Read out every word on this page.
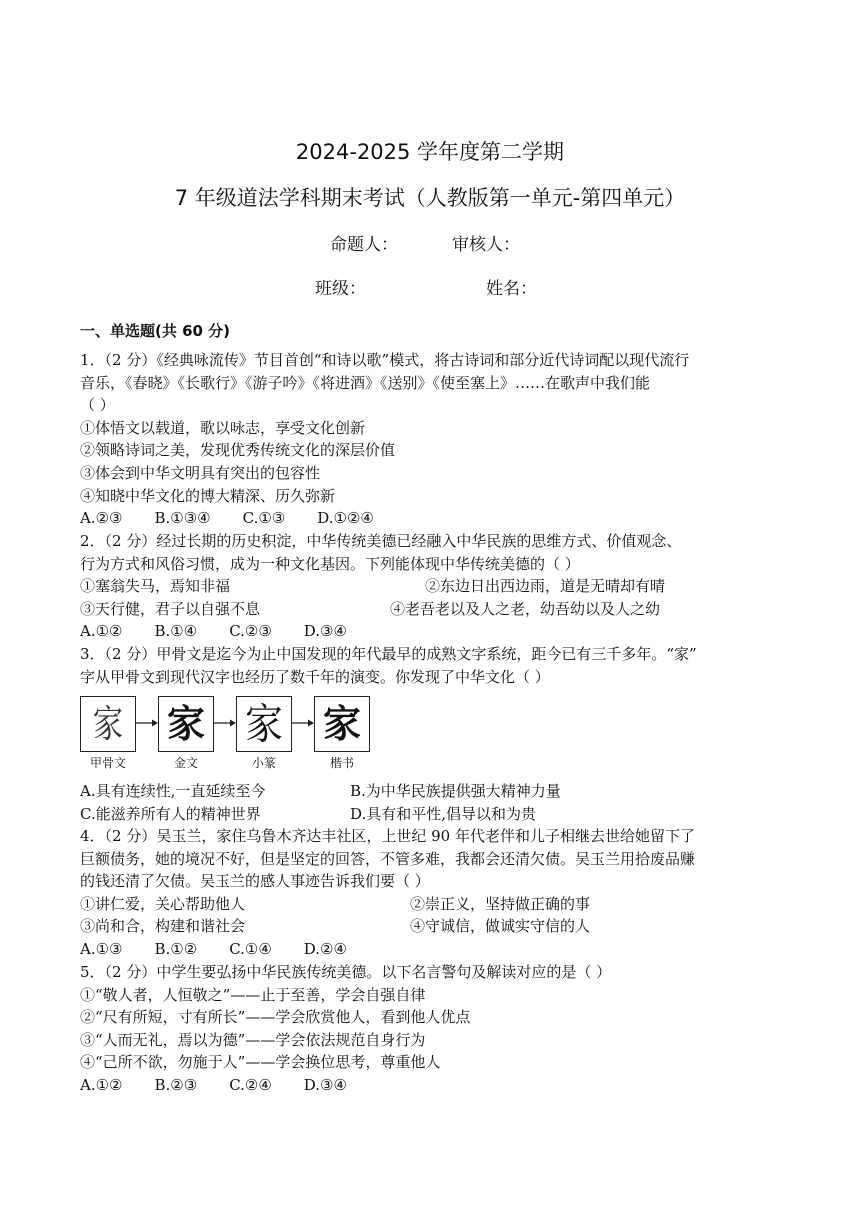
2024-2025 学年度第二学期
7 年级道法学科期末考试（人教版第一单元-第四单元）
命题人：	审核人：
班级：	姓名：
一、单选题(共 60 分)
1．（2 分）《经典咏流传》节目首创“和诗以歌”模式，将古诗词和部分近代诗词配以现代流行
音乐，《春晓》《长歌行》《游子吟》《将进酒》《送别》《使至塞上》……在歌声中我们能
（ ）
①体悟文以载道，歌以咏志，享受文化创新
②领略诗词之美，发现优秀传统文化的深层价值
③体会到中华文明具有突出的包容性
④知晓中华文化的博大精深、历久弥新
A.②③ B.①③④ C.①③ D.①②④
2．（2 分）经过长期的历史积淀，中华传统美德已经融入中华民族的思维方式、价值观念、
行为方式和风俗习惯，成为一种文化基因。下列能体现中华传统美德的（ ）
①塞翁失马，焉知非福	②东边日出西边雨，道是无晴却有晴
③天行健，君子以自强不息	④老吾老以及人之老，幼吾幼以及人之幼
A.①② B.①④ C.②③ D.③④
3．（2 分）甲骨文是迄今为止中国发现的年代最早的成熟文字系统，距今已有三千多年。“家”
字从甲骨文到现代汉字也经历了数千年的演变。你发现了中华文化（ ）
家 家 家 家
甲骨文	金文	小篆	楷书
A.具有连续性,一直延续至今	B.为中华民族提供强大精神力量
C.能滋养所有人的精神世界	D.具有和平性,倡导以和为贵
4．（2 分）吴玉兰，家住乌鲁木齐达丰社区，上世纪 90 年代老伴和儿子相继去世给她留下了
巨额债务，她的境况不好，但是坚定的回答，不管多难，我都会还清欠债。吴玉兰用拾废品赚
的钱还清了欠债。吴玉兰的感人事迹告诉我们要（ ）
①讲仁爱，关心帮助他人	②崇正义，坚持做正确的事
③尚和合，构建和谐社会	④守诚信，做诚实守信的人
A.①③ B.①② C.①④ D.②④
5．（2 分）中学生要弘扬中华民族传统美德。以下名言警句及解读对应的是（ ）
①“敬人者，人恒敬之”——止于至善，学会自强自律
②“尺有所短，寸有所长”——学会欣赏他人，看到他人优点
③“人而无礼，焉以为德”——学会依法规范自身行为
④“己所不欲，勿施于人”——学会换位思考，尊重他人
A.①② B.②③ C.②④ D.③④
